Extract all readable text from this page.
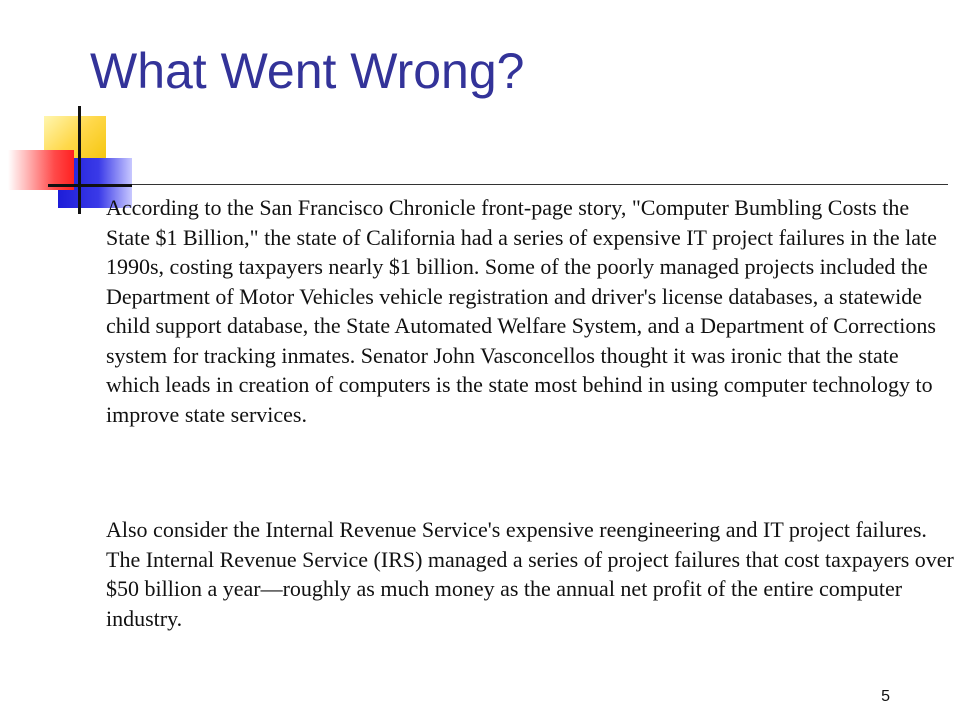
What Went Wrong?

According to the San Francisco Chronicle front-page story, "Computer Bumbling Costs the State $1 Billion," the state of California had a series of expensive IT project failures in the late 1990s, costing taxpayers nearly $1 billion. Some of the poorly managed projects included the Department of Motor Vehicles vehicle registration and driver's license databases, a statewide child support database, the State Automated Welfare System, and a Department of Corrections system for tracking inmates. Senator John Vasconcellos thought it was ironic that the state which leads in creation of computers is the state most behind in using computer technology to improve state services.

Also consider the Internal Revenue Service's expensive reengineering and IT project failures. The Internal Revenue Service (IRS) managed a series of project failures that cost taxpayers over $50 billion a year—roughly as much money as the annual net profit of the entire computer industry.

5
